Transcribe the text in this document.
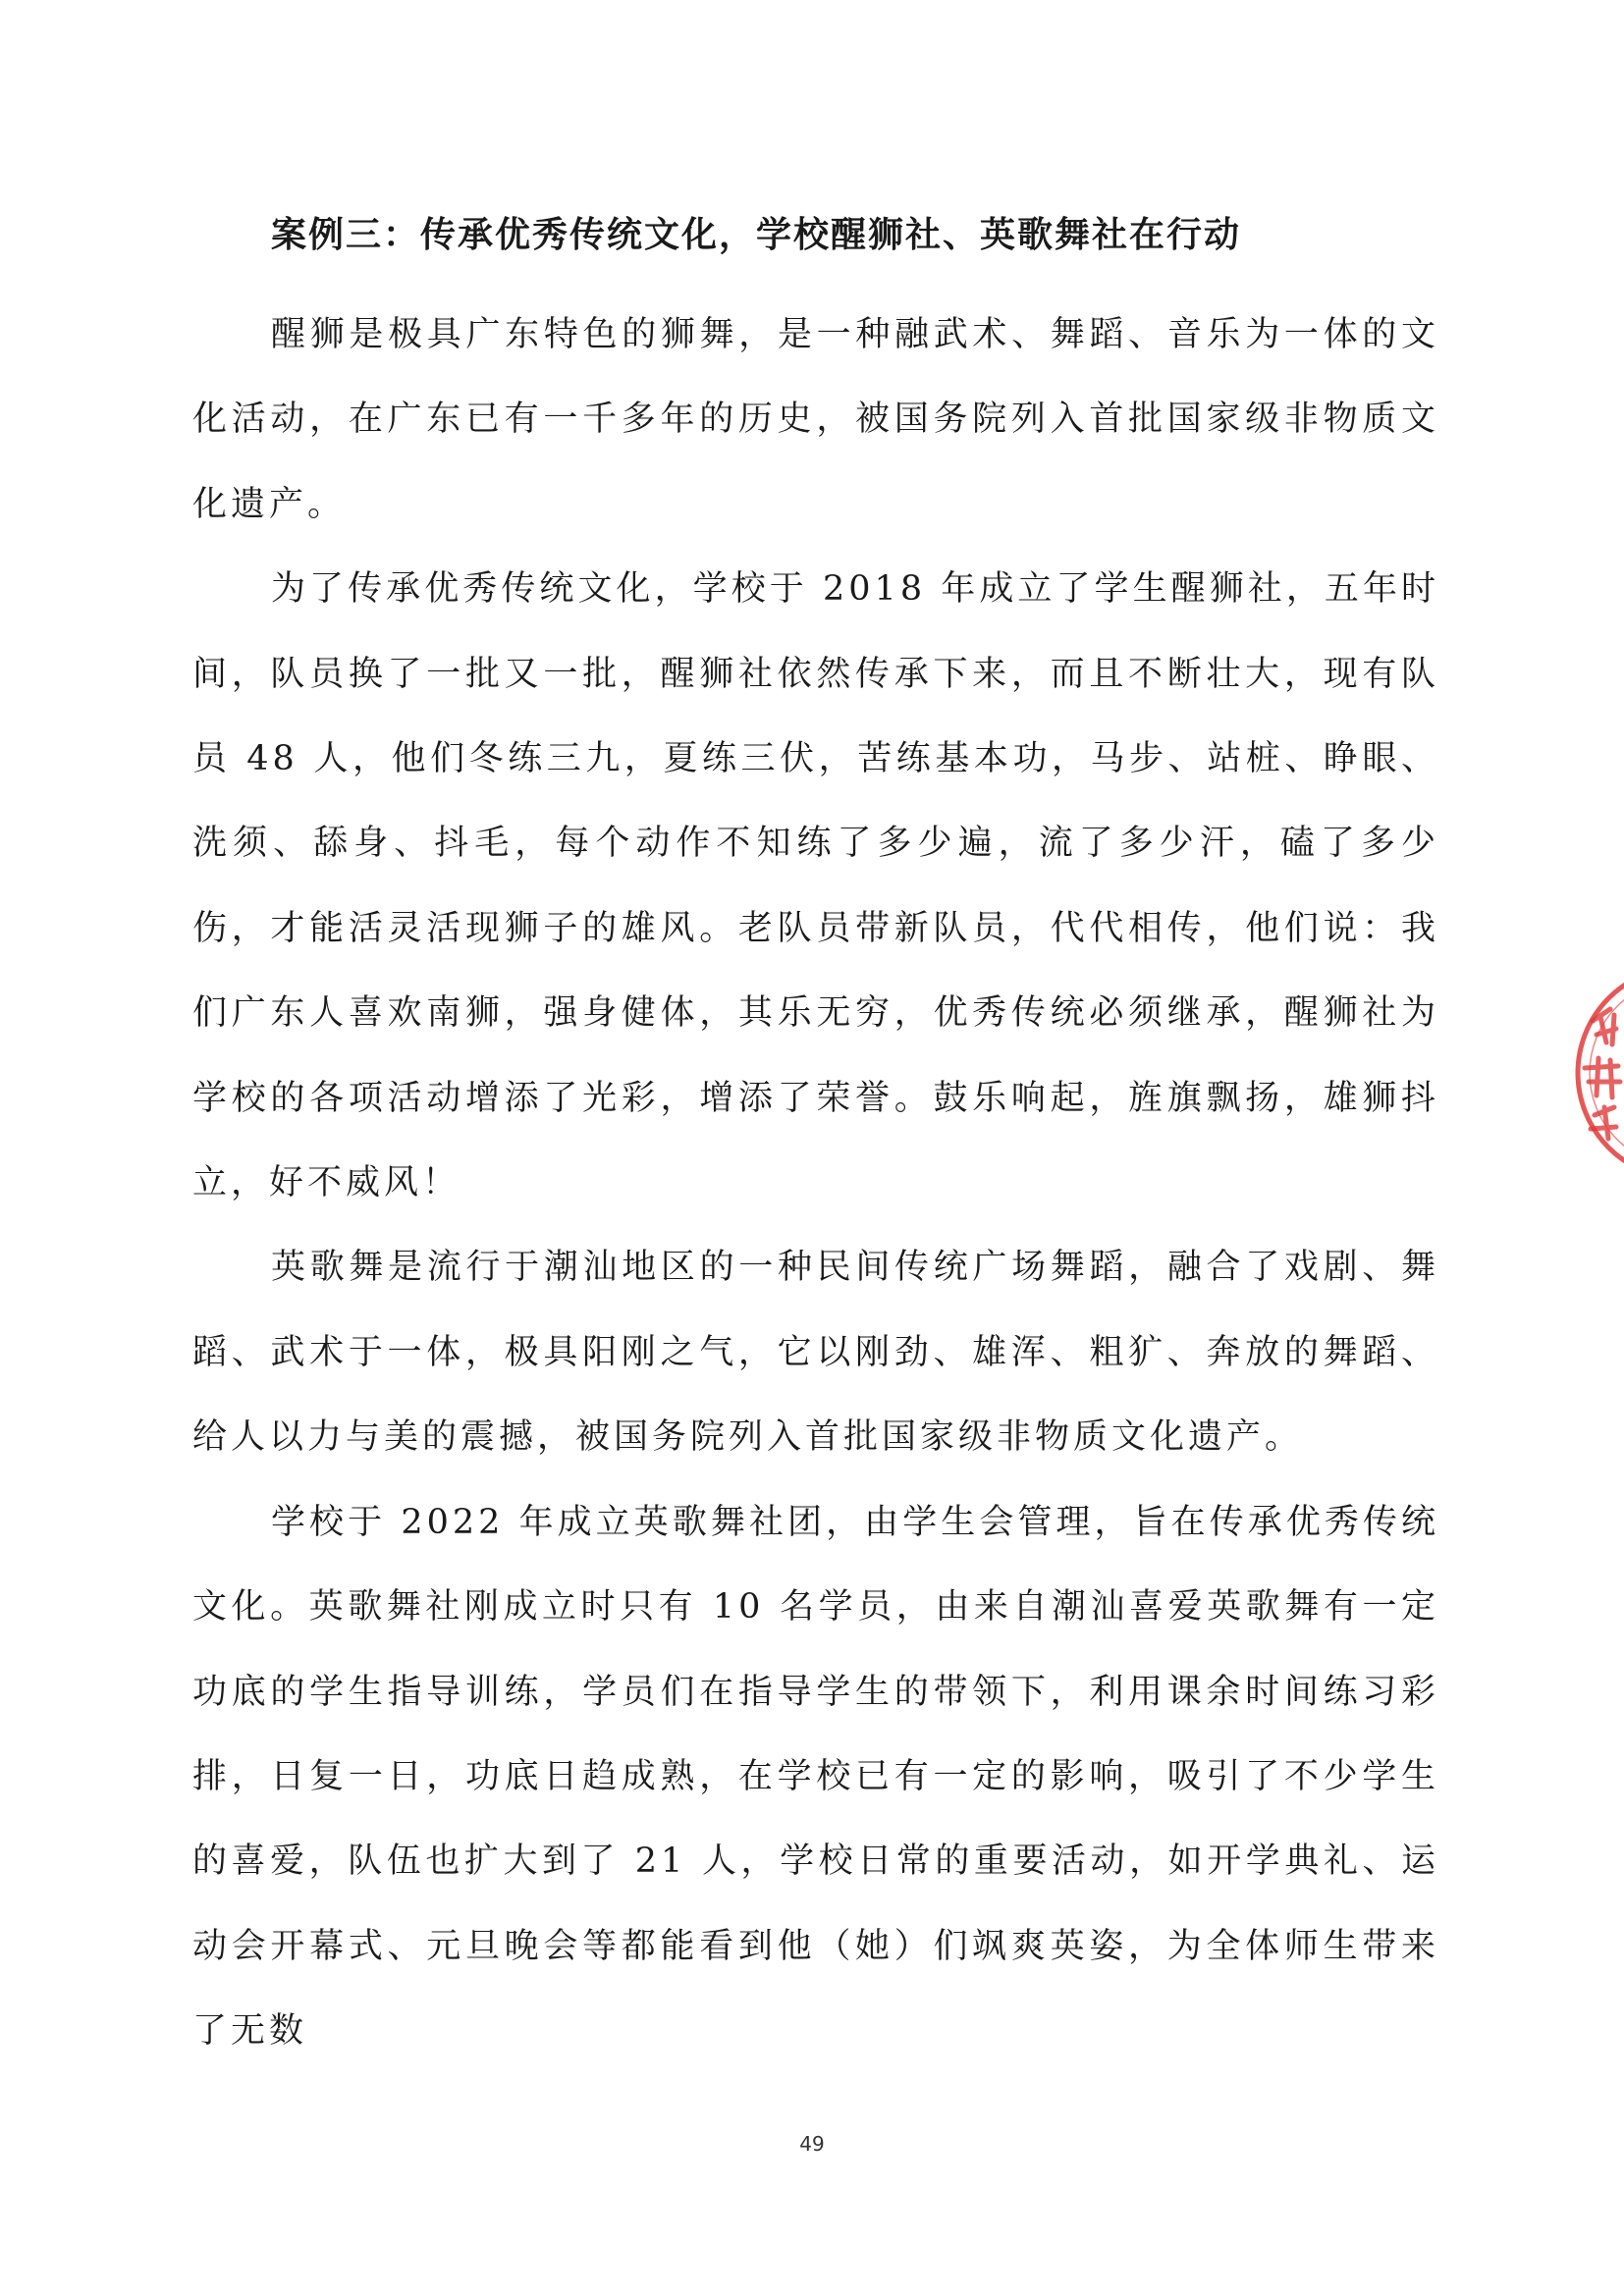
案例三：传承优秀传统文化，学校醒狮社、英歌舞社在行动

醒狮是极具广东特色的狮舞，是一种融武术、舞蹈、音乐为一体的文化活动，在广东已有一千多年的历史，被国务院列入首批国家级非物质文化遗产。

为了传承优秀传统文化，学校于 2018 年成立了学生醒狮社，五年时间，队员换了一批又一批，醒狮社依然传承下来，而且不断壮大，现有队员 48 人，他们冬练三九，夏练三伏，苦练基本功，马步、站桩、睁眼、洗须、舔身、抖毛，每个动作不知练了多少遍，流了多少汗，磕了多少伤，才能活灵活现狮子的雄风。老队员带新队员，代代相传，他们说：我们广东人喜欢南狮，强身健体，其乐无穷，优秀传统必须继承，醒狮社为学校的各项活动增添了光彩，增添了荣誉。鼓乐响起，旌旗飘扬，雄狮抖立，好不威风！

英歌舞是流行于潮汕地区的一种民间传统广场舞蹈，融合了戏剧、舞蹈、武术于一体，极具阳刚之气，它以刚劲、雄浑、粗犷、奔放的舞蹈、给人以力与美的震撼，被国务院列入首批国家级非物质文化遗产。

学校于 2022 年成立英歌舞社团，由学生会管理，旨在传承优秀传统文化。英歌舞社刚成立时只有 10 名学员，由来自潮汕喜爱英歌舞有一定功底的学生指导训练，学员们在指导学生的带领下，利用课余时间练习彩排，日复一日，功底日趋成熟，在学校已有一定的影响，吸引了不少学生的喜爱，队伍也扩大到了 21 人，学校日常的重要活动，如开学典礼、运动会开幕式、元旦晚会等都能看到他（她）们飒爽英姿，为全体师生带来了无数

49
